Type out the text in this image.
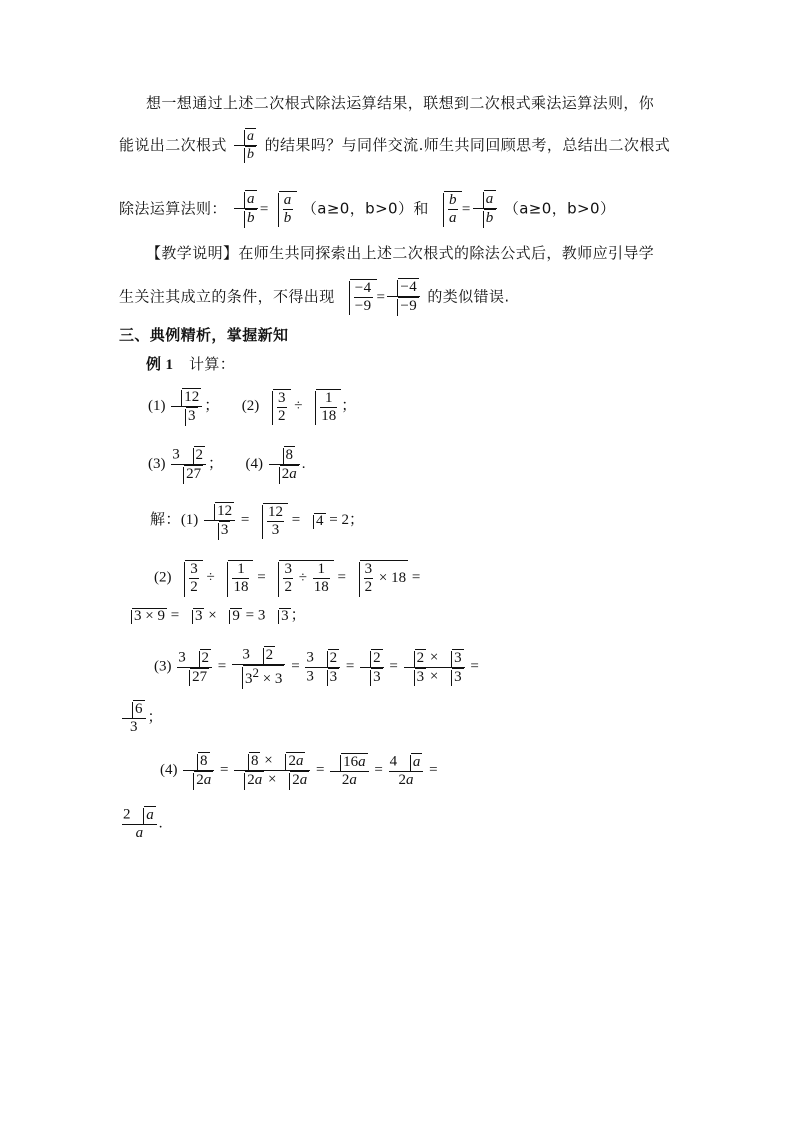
想一想通过上述二次根式除法运算结果，联想到二次根式乘法运算法则，你
能说出二次根式 $\frac{a}{b}$ 的结果吗？与同伴交流.师生共同回顾思考，总结出二次根式
除法运算法则： $\frac{a}{b} = \frac{a}{b} (a\ge 0$，b>0）和 $\frac{b}{a} = \frac{a}{b} (a\ge 0$，b>0）
【教学说明】在师生共同探索出上述二次根式的除法公式后，教师应引导学
生关注其成立的条件，不得出现 $\frac{-4}{-9} = \frac{-4}{-9}$ 的类似错误.
三、典例精析，掌握新知
例 1 计算：
$(1) \frac{12}{3}$ ；      $(2) \frac{3}{2} \div \frac{1}{18}$ ；
$(3) \frac{3 2}{27}$ ；      $(4) \frac{8}{2a}$ .
解：$(1) \frac{12}{3} = \frac{12}{3} = 4 = 2$；
$(2) \frac{3}{2} \div \frac{1}{18} = \frac{3}{2} \div \frac{1}{18} = \frac{3}{2} \times 18$ =
3 × 9 = 3 × 9 = 3 3 ；
$(3) \frac{3 2}{27} = \frac{3 2}{3^2 \times 3} = \frac{3 2}{3 3} = \frac{2}{3} = \frac{2 \times 3}{3 \times 3}$ =
$\frac{6}{3}$ ；
$(4) \frac{8}{2a} = \frac{8 \times 2a}{2a \times 2a} = \frac{16a}{2a} = \frac{4 a}{2a}$ =
$\frac{2 a}{a}$ .
